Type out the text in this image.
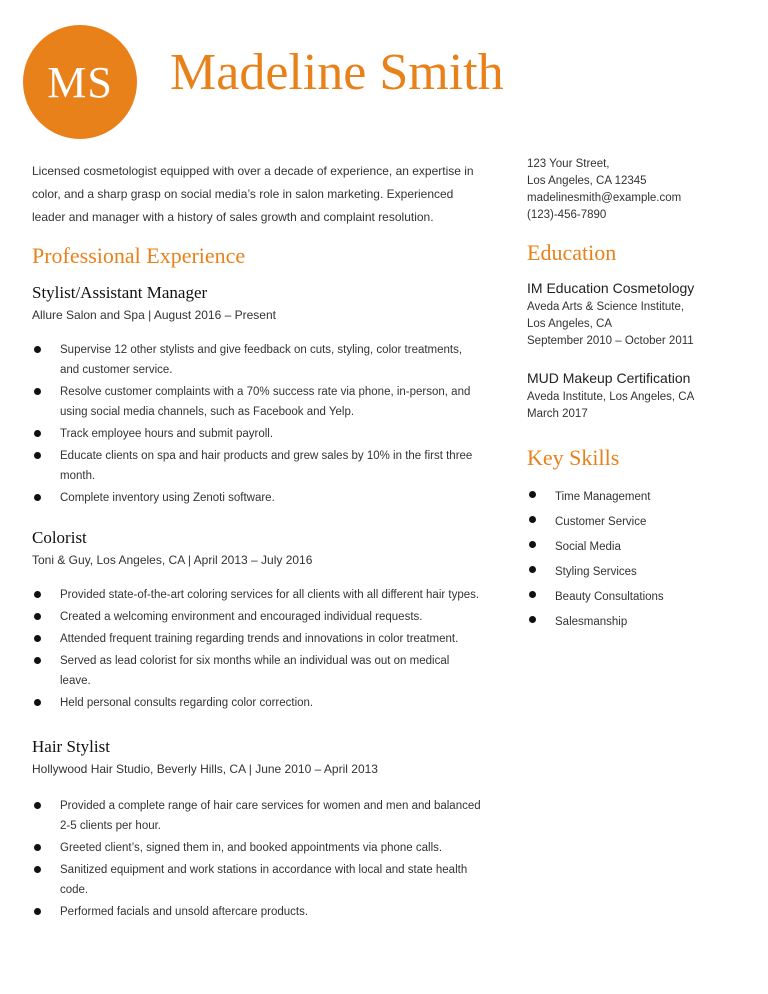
MS Madeline Smith

Licensed cosmetologist equipped with over a decade of experience, an expertise in color, and a sharp grasp on social media’s role in salon marketing. Experienced leader and manager with a history of sales growth and complaint resolution.

Professional Experience
Stylist/Assistant Manager
Allure Salon and Spa | August 2016 – Present
Supervise 12 other stylists and give feedback on cuts, styling, color treatments, and customer service.
Resolve customer complaints with a 70% success rate via phone, in-person, and using social media channels, such as Facebook and Yelp.
Track employee hours and submit payroll.
Educate clients on spa and hair products and grew sales by 10% in the first three month.
Complete inventory using Zenoti software.
Colorist
Toni & Guy, Los Angeles, CA | April 2013 – July 2016
Provided state-of-the-art coloring services for all clients with all different hair types.
Created a welcoming environment and encouraged individual requests.
Attended frequent training regarding trends and innovations in color treatment.
Served as lead colorist for six months while an individual was out on medical leave.
Held personal consults regarding color correction.
Hair Stylist
Hollywood Hair Studio, Beverly Hills, CA | June 2010 – April 2013
Provided a complete range of hair care services for women and men and balanced 2-5 clients per hour.
Greeted client’s, signed them in, and booked appointments via phone calls.
Sanitized equipment and work stations in accordance with local and state health code.
Performed facials and unsold aftercare products.
123 Your Street,
Los Angeles, CA 12345
madelinesmith@example.com
(123)-456-7890
Education
IM Education Cosmetology
Aveda Arts & Science Institute,
Los Angeles, CA
September 2010 – October 2011
MUD Makeup Certification
Aveda Institute, Los Angeles, CA
March 2017
Key Skills
Time Management
Customer Service
Social Media
Styling Services
Beauty Consultations
Salesmanship
